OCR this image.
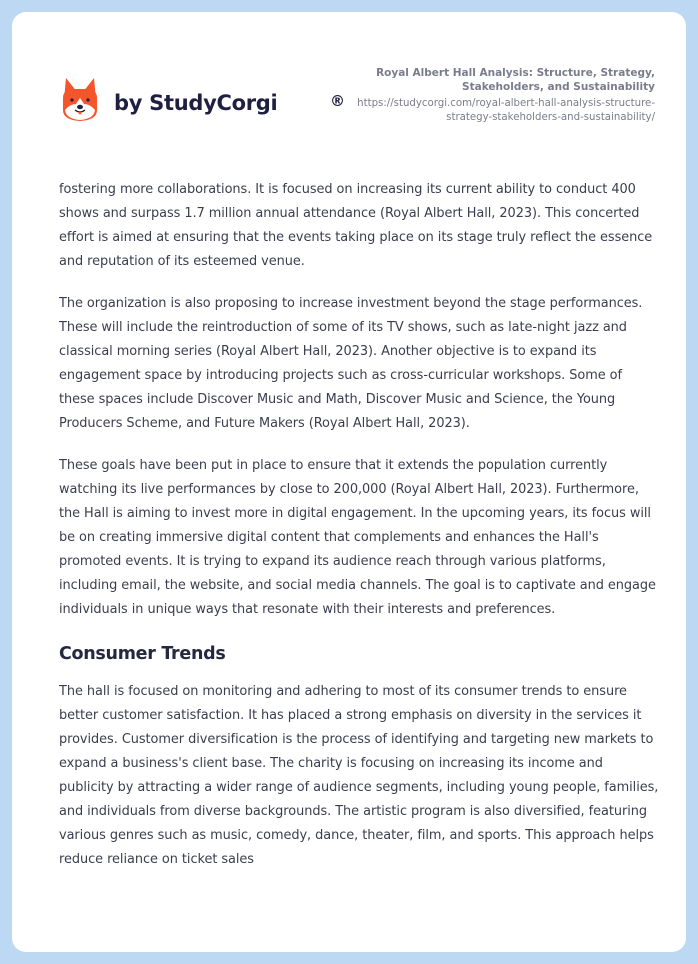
by StudyCorgi	®
Royal Albert Hall Analysis: Structure, Strategy, Stakeholders, and Sustainability
https://studycorgi.com/royal-albert-hall-analysis-structure-strategy-stakeholders-and-sustainability/

fostering more collaborations. It is focused on increasing its current ability to conduct 400 shows and surpass 1.7 million annual attendance (Royal Albert Hall, 2023). This concerted effort is aimed at ensuring that the events taking place on its stage truly reflect the essence and reputation of its esteemed venue.

The organization is also proposing to increase investment beyond the stage performances. These will include the reintroduction of some of its TV shows, such as late-night jazz and classical morning series (Royal Albert Hall, 2023). Another objective is to expand its engagement space by introducing projects such as cross-curricular workshops. Some of these spaces include Discover Music and Math, Discover Music and Science, the Young Producers Scheme, and Future Makers (Royal Albert Hall, 2023).

These goals have been put in place to ensure that it extends the population currently watching its live performances by close to 200,000 (Royal Albert Hall, 2023). Furthermore, the Hall is aiming to invest more in digital engagement. In the upcoming years, its focus will be on creating immersive digital content that complements and enhances the Hall's promoted events. It is trying to expand its audience reach through various platforms, including email, the website, and social media channels. The goal is to captivate and engage individuals in unique ways that resonate with their interests and preferences.

Consumer Trends

The hall is focused on monitoring and adhering to most of its consumer trends to ensure better customer satisfaction. It has placed a strong emphasis on diversity in the services it provides. Customer diversification is the process of identifying and targeting new markets to expand a business's client base. The charity is focusing on increasing its income and publicity by attracting a wider range of audience segments, including young people, families, and individuals from diverse backgrounds. The artistic program is also diversified, featuring various genres such as music, comedy, dance, theater, film, and sports. This approach helps reduce reliance on ticket sales
